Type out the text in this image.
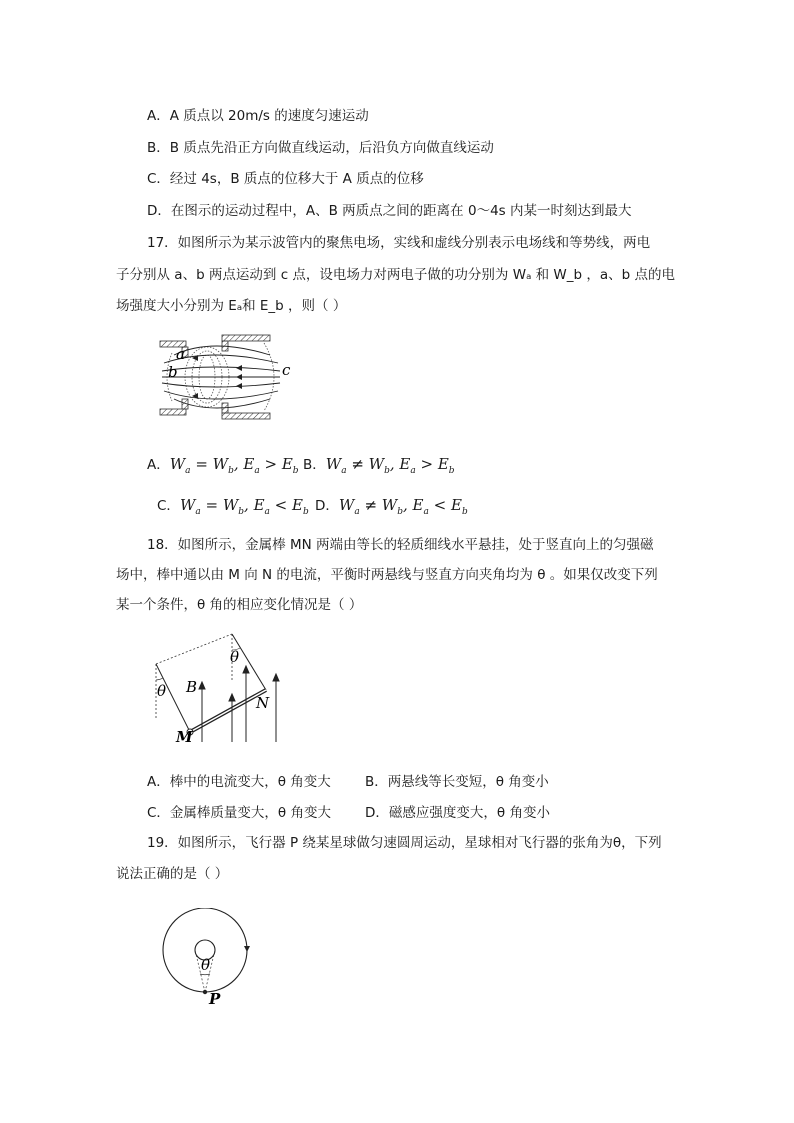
A．A 质点以 20m/s 的速度匀速运动
B．B 质点先沿正方向做直线运动，后沿负方向做直线运动
C．经过 4s，B 质点的位移大于 A 质点的位移
D．在图示的运动过程中，A、B 两质点之间的距离在 0～4s 内某一时刻达到最大
17．如图所示为某示波管内的聚焦电场，实线和虚线分别表示电场线和等势线，两电
子分别从 a、b 两点运动到 c 点，设电场力对两电子做的功分别为 Wₐ 和 W_b ，a、b 点的电
场强度大小分别为 Eₐ和 E_b ，则（ ）
a
b	c
A．$W_a = W_b$, $E_a > E_b$ B．$W_a \ne W_b$, $E_a > E_b$
C．$W_a = W_b$, $E_a < E_b$ D．$W_a \ne W_b$, $E_a < E_b$
18．如图所示，金属棒 MN 两端由等长的轻质细线水平悬挂，处于竖直向上的匀强磁
场中，棒中通以由 M 向 N 的电流，平衡时两悬线与竖直方向夹角均为 θ 。如果仅改变下列
某一个条件，θ 角的相应变化情况是（ ）
θ
θ
B
M
N
A．棒中的电流变大，θ 角变大	B．两悬线等长变短，θ 角变小
C．金属棒质量变大，θ 角变大	D．磁感应强度变大，θ 角变小
19．如图所示，飞行器 P 绕某星球做匀速圆周运动，星球相对飞行器的张角为θ，下列
说法正确的是（ ）
θ
P
